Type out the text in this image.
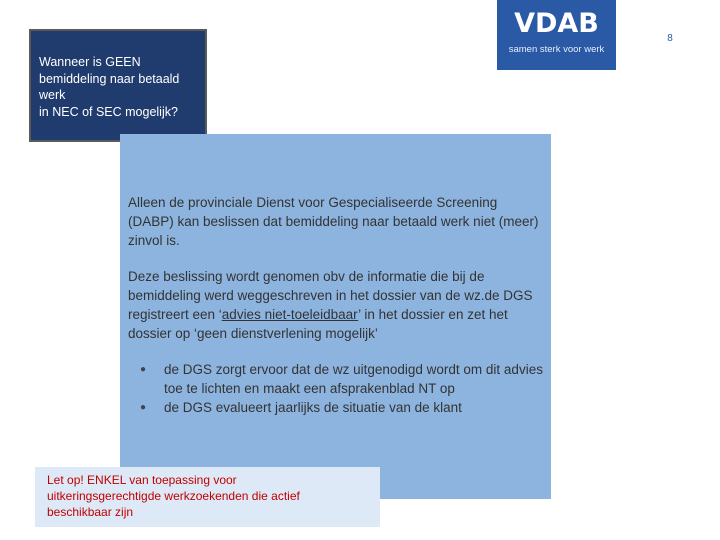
VDAB
samen sterk voor werk
8
Wanneer is GEEN
bemiddeling naar betaald
werk
in NEC of SEC mogelijk?

Alleen de provinciale Dienst voor Gespecialiseerde Screening (DABP) kan beslissen dat bemiddeling naar betaald werk niet (meer) zinvol is.

Deze beslissing wordt genomen obv de informatie die bij de bemiddeling werd weggeschreven in het dossier van de wz.de DGS registreert een ‘advies niet-toeleidbaar’ in het dossier en zet het dossier op ‘geen dienstverlening mogelijk’

● de DGS zorgt ervoor dat de wz uitgenodigd wordt om dit advies toe te lichten en maakt een afsprakenblad NT op
● de DGS evalueert jaarlijks de situatie van de klant
Let op! ENKEL van toepassing voor
uitkeringsgerechtigde werkzoekenden die actief
beschikbaar zijn
